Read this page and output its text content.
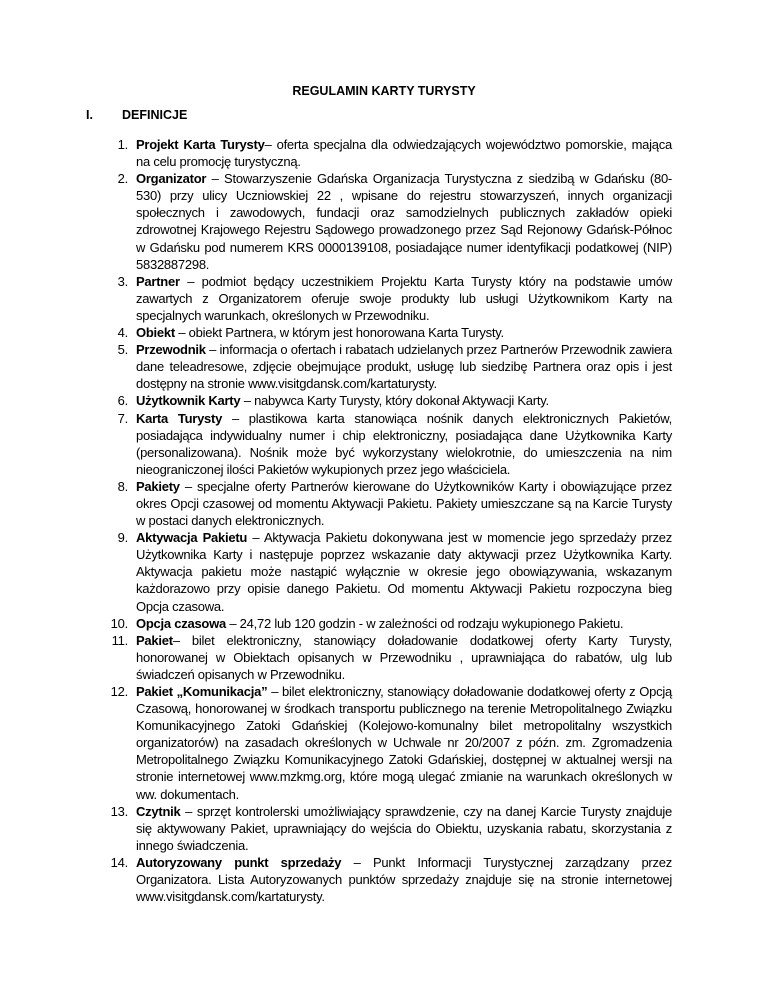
REGULAMIN KARTY TURYSTY
I. DEFINICJE
1. Projekt Karta Turysty– oferta specjalna dla odwiedzających województwo pomorskie, mająca na celu promocję turystyczną.
2. Organizator – Stowarzyszenie Gdańska Organizacja Turystyczna z siedzibą w Gdańsku (80-530) przy ulicy Uczniowskiej 22 , wpisane do rejestru stowarzyszeń, innych organizacji społecznych i zawodowych, fundacji oraz samodzielnych publicznych zakładów opieki zdrowotnej Krajowego Rejestru Sądowego prowadzonego przez Sąd Rejonowy Gdańsk-Północ w Gdańsku pod numerem KRS 0000139108, posiadające numer identyfikacji podatkowej (NIP) 5832887298.
3. Partner – podmiot będący uczestnikiem Projektu Karta Turysty który na podstawie umów zawartych z Organizatorem oferuje swoje produkty lub usługi Użytkownikom Karty na specjalnych warunkach, określonych w Przewodniku.
4. Obiekt – obiekt Partnera, w którym jest honorowana Karta Turysty.
5. Przewodnik – informacja o ofertach i rabatach udzielanych przez Partnerów Przewodnik zawiera dane teleadresowe, zdjęcie obejmujące produkt, usługę lub siedzibę Partnera oraz opis i jest dostępny na stronie www.visitgdansk.com/kartaturysty.
6. Użytkownik Karty – nabywca Karty Turysty, który dokonał Aktywacji Karty.
7. Karta Turysty – plastikowa karta stanowiąca nośnik danych elektronicznych Pakietów, posiadająca indywidualny numer i chip elektroniczny, posiadająca dane Użytkownika Karty (personalizowana). Nośnik może być wykorzystany wielokrotnie, do umieszczenia na nim nieograniczonej ilości Pakietów wykupionych przez jego właściciela.
8. Pakiety – specjalne oferty Partnerów kierowane do Użytkowników Karty i obowiązujące przez okres Opcji czasowej od momentu Aktywacji Pakietu. Pakiety umieszczane są na Karcie Turysty w postaci danych elektronicznych.
9. Aktywacja Pakietu – Aktywacja Pakietu dokonywana jest w momencie jego sprzedaży przez Użytkownika Karty i następuje poprzez wskazanie daty aktywacji przez Użytkownika Karty. Aktywacja pakietu może nastąpić wyłącznie w okresie jego obowiązywania, wskazanym każdorazowo przy opisie danego Pakietu. Od momentu Aktywacji Pakietu rozpoczyna bieg Opcja czasowa.
10. Opcja czasowa – 24,72 lub 120 godzin - w zależności od rodzaju wykupionego Pakietu.
11. Pakiet– bilet elektroniczny, stanowiący doładowanie dodatkowej oferty Karty Turysty, honorowanej w Obiektach opisanych w Przewodniku , uprawniająca do rabatów, ulg lub świadczeń opisanych w Przewodniku.
12. Pakiet „Komunikacja” – bilet elektroniczny, stanowiący doładowanie dodatkowej oferty z Opcją Czasową, honorowanej w środkach transportu publicznego na terenie Metropolitalnego Związku Komunikacyjnego Zatoki Gdańskiej (Kolejowo-komunalny bilet metropolitalny wszystkich organizatorów) na zasadach określonych w Uchwale nr 20/2007 z późn. zm. Zgromadzenia Metropolitalnego Związku Komunikacyjnego Zatoki Gdańskiej, dostępnej w aktualnej wersji na stronie internetowej www.mzkmg.org, które mogą ulegać zmianie na warunkach określonych w ww. dokumentach.
13. Czytnik – sprzęt kontrolerski umożliwiający sprawdzenie, czy na danej Karcie Turysty znajduje się aktywowany Pakiet, uprawniający do wejścia do Obiektu, uzyskania rabatu, skorzystania z innego świadczenia.
14. Autoryzowany punkt sprzedaży – Punkt Informacji Turystycznej zarządzany przez Organizatora. Lista Autoryzowanych punktów sprzedaży znajduje się na stronie internetowej www.visitgdansk.com/kartaturysty.
